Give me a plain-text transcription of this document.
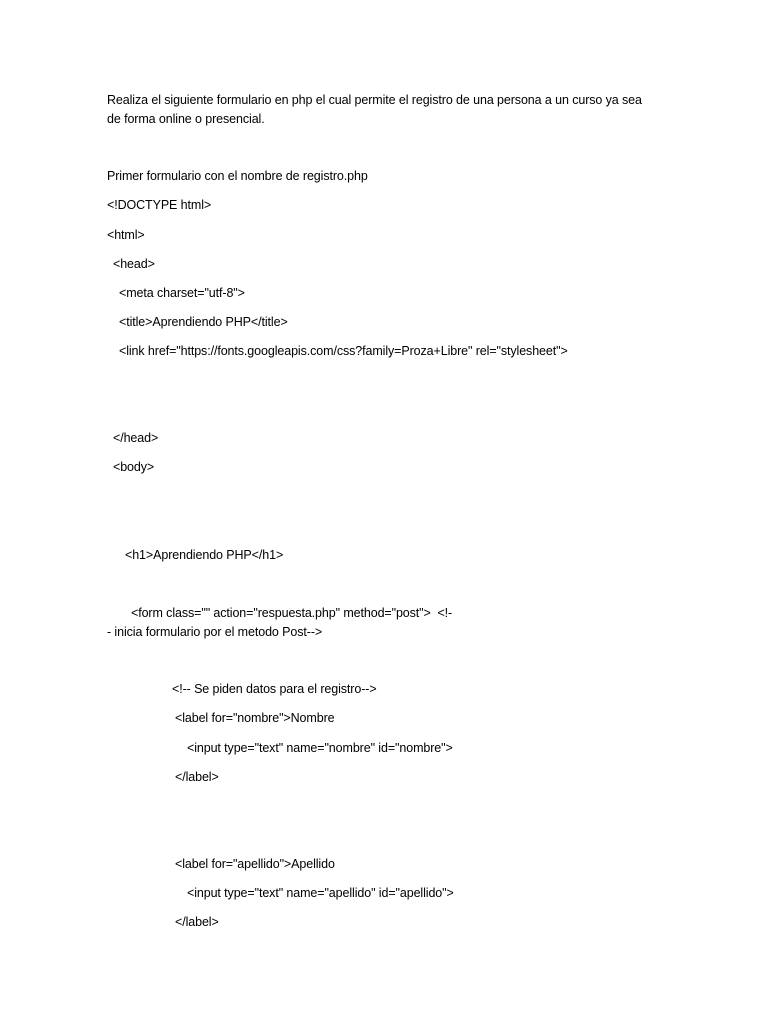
Realiza el siguiente formulario en php el cual permite el registro de una persona a un curso ya sea
de forma online o presencial.
Primer formulario con el nombre de registro.php
<!DOCTYPE html>
<html>
<head>
<meta charset="utf-8">
<title>Aprendiendo PHP</title>
<link href="https://fonts.googleapis.com/css?family=Proza+Libre" rel="stylesheet">
</head>
<body>
<h1>Aprendiendo PHP</h1>
<form class="" action="respuesta.php" method="post">  <!-
- inicia formulario por el metodo Post-->
<!-- Se piden datos para el registro-->
<label for="nombre">Nombre
<input type="text" name="nombre" id="nombre">
</label>
<label for="apellido">Apellido
<input type="text" name="apellido" id="apellido">
</label>
